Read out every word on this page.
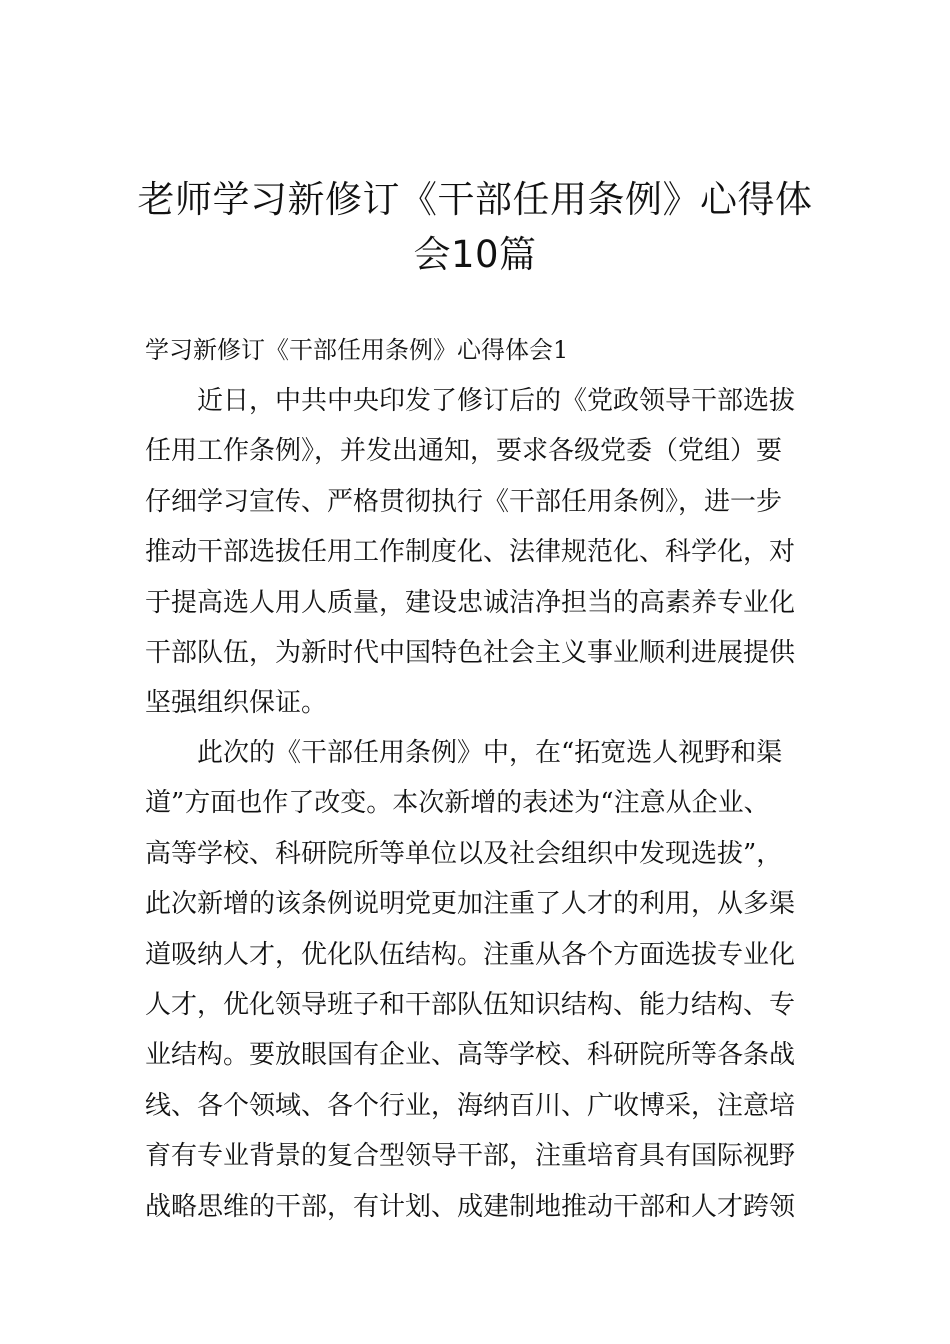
老师学习新修订《干部任用条例》心得体
会10篇

学习新修订《干部任用条例》心得体会1

　　近日，中共中央印发了修订后的《党政领导干部选拔
任用工作条例》，并发出通知，要求各级党委（党组）要
仔细学习宣传、严格贯彻执行《干部任用条例》，进一步
推动干部选拔任用工作制度化、法律规范化、科学化，对
于提高选人用人质量，建设忠诚洁净担当的高素养专业化
干部队伍，为新时代中国特色社会主义事业顺利进展提供
坚强组织保证。

　　此次的《干部任用条例》中，在“拓宽选人视野和渠
道”方面也作了改变。本次新增的表述为“注意从企业、
高等学校、科研院所等单位以及社会组织中发现选拔”，
此次新增的该条例说明党更加注重了人才的利用，从多渠
道吸纳人才，优化队伍结构。注重从各个方面选拔专业化
人才，优化领导班子和干部队伍知识结构、能力结构、专
业结构。要放眼国有企业、高等学校、科研院所等各条战
线、各个领域、各个行业，海纳百川、广收博采，注意培
育有专业背景的复合型领导干部，注重培育具有国际视野
战略思维的干部，有计划、成建制地推动干部和人才跨领
